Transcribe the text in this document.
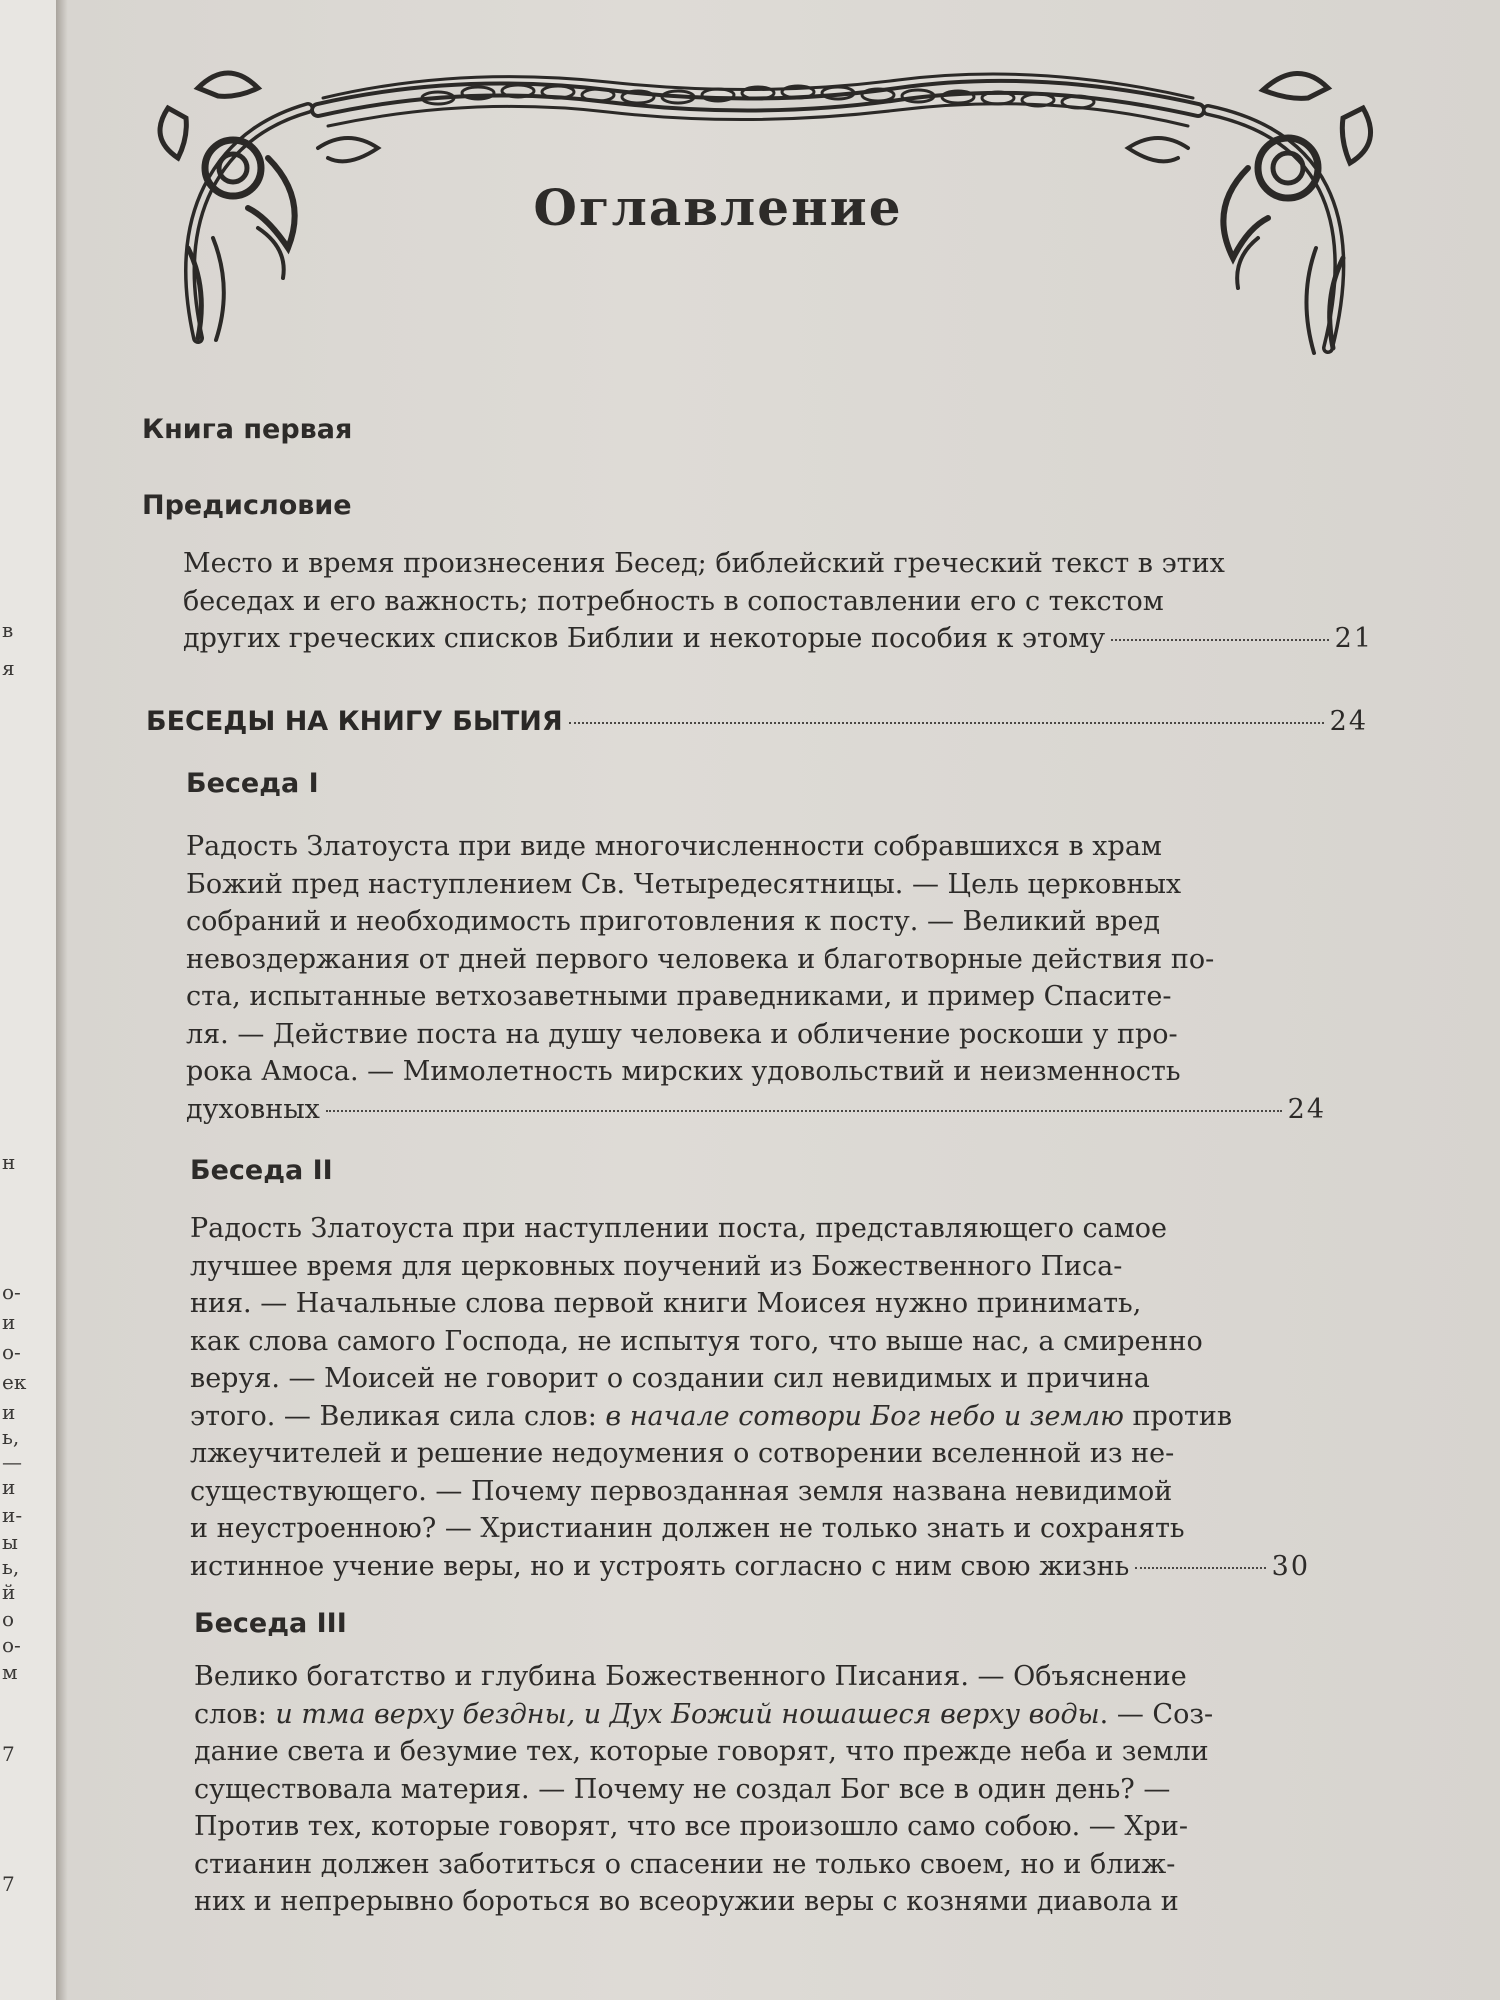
в
я
н
о-
и
о-
ек
и
ь,
—
и
и-
ы
ь,
й
о
о-
м
7
7
Оглавление
Книга первая
Предисловие
Место и время произнесения Бесед; библейский греческий текст в этих
беседах и его важность; потребность в сопоставлении его с текстом
других греческих списков Библии и некоторые пособия к этому	21
БЕСЕДЫ НА КНИГУ БЫТИЯ	24
Беседа I
Радость Златоуста при виде многочисленности собравшихся в храм
Божий пред наступлением Св. Четыредесятницы. — Цель церковных
собраний и необходимость приготовления к посту. — Великий вред
невоздержания от дней первого человека и благотворные действия по-
ста, испытанные ветхозаветными праведниками, и пример Спасите-
ля. — Действие поста на душу человека и обличение роскоши у про-
рока Амоса. — Мимолетность мирских удовольствий и неизменность
духовных	24
Беседа II
Радость Златоуста при наступлении поста, представляющего самое
лучшее время для церковных поучений из Божественного Писа-
ния. — Начальные слова первой книги Моисея нужно принимать,
как слова самого Господа, не испытуя того, что выше нас, а смиренно
веруя. — Моисей не говорит о создании сил невидимых и причина
этого. — Великая сила слов: в начале сотвори Бог небо и землю против
лжеучителей и решение недоумения о сотворении вселенной из не-
существующего. — Почему первозданная земля названа невидимой
и неустроенною? — Христианин должен не только знать и сохранять
истинное учение веры, но и устроять согласно с ним свою жизнь	30
Беседа III
Велико богатство и глубина Божественного Писания. — Объяснение
слов: и тма верху бездны, и Дух Божий ношашеся верху воды. — Соз-
дание света и безумие тех, которые говорят, что прежде неба и земли
существовала материя. — Почему не создал Бог все в один день? —
Против тех, которые говорят, что все произошло само собою. — Хри-
стианин должен заботиться о спасении не только своем, но и ближ-
них и непрерывно бороться во всеоружии веры с кознями диавола и
